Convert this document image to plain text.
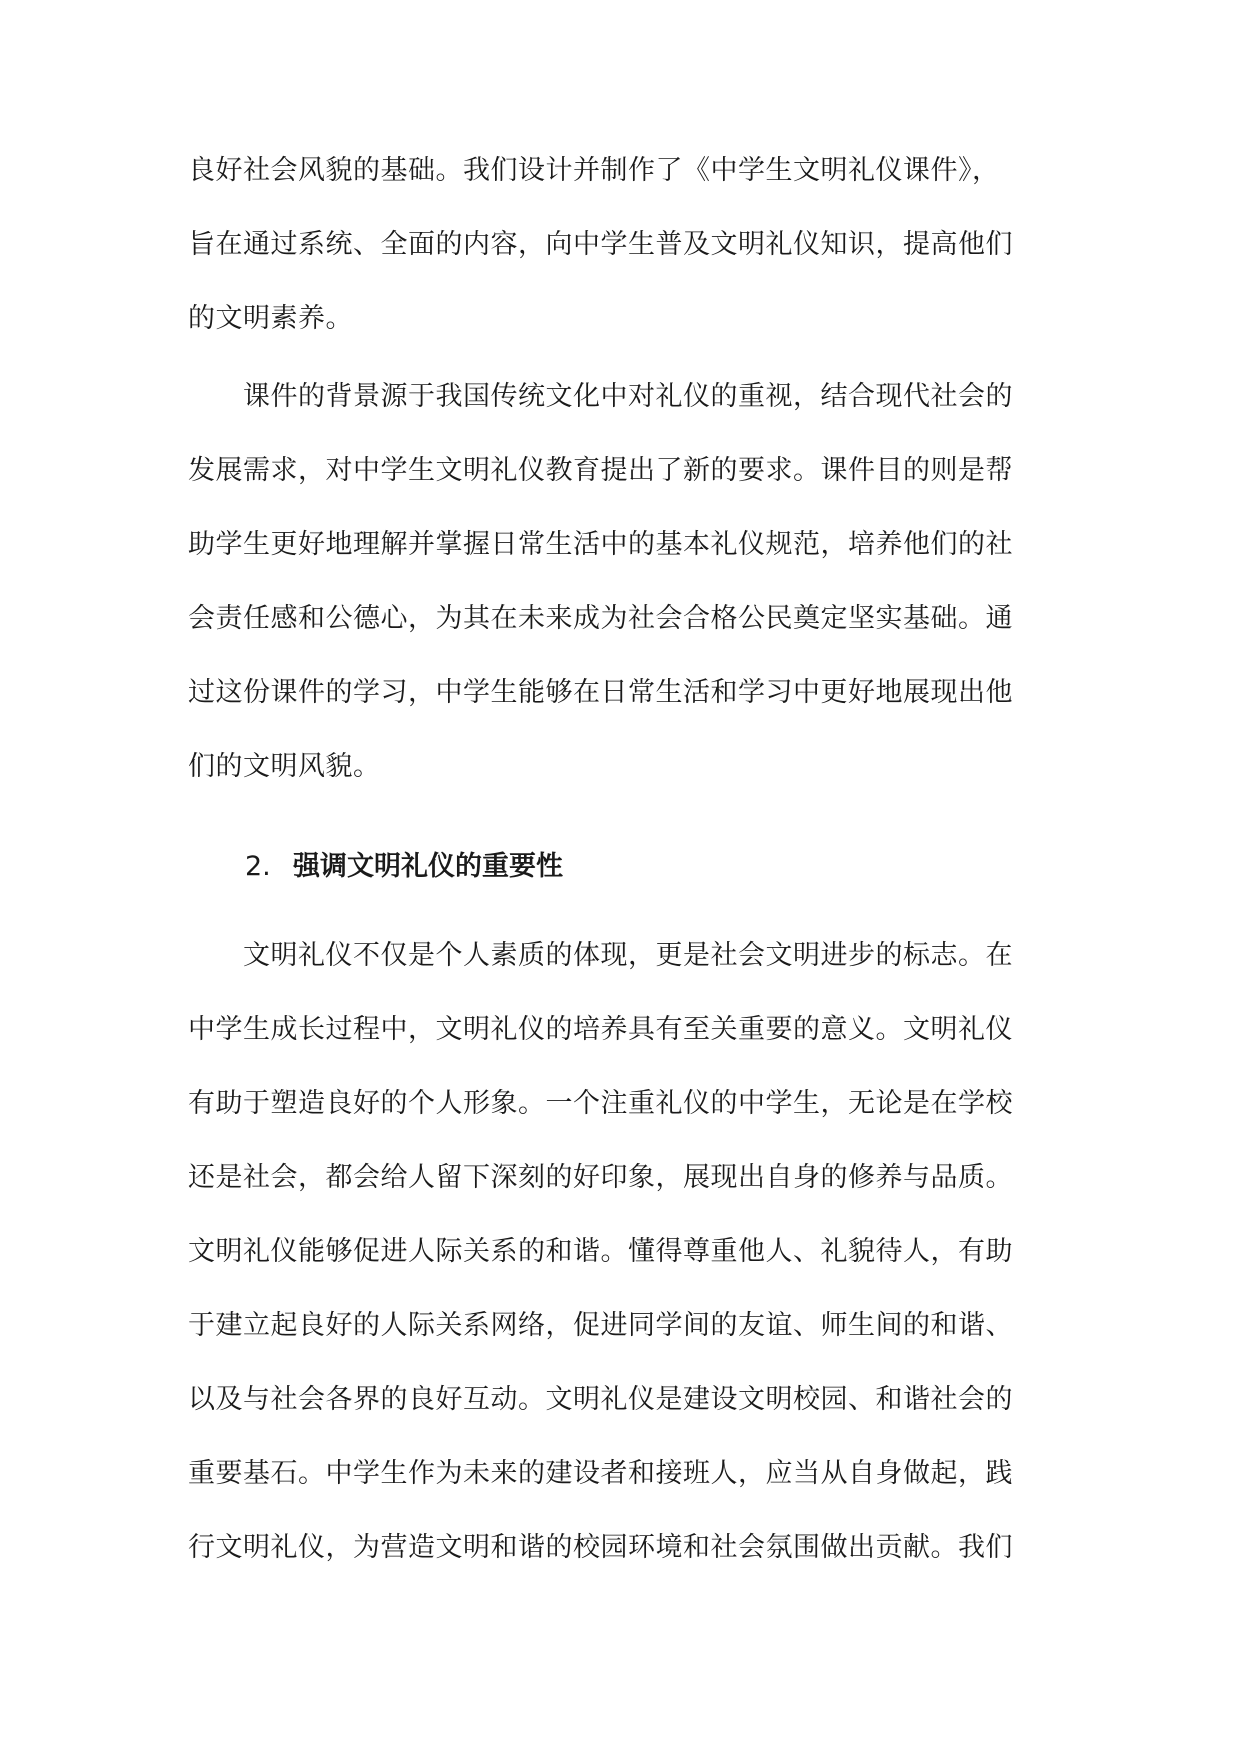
良好社会风貌的基础。我们设计并制作了《中学生文明礼仪课件》，
旨在通过系统、全面的内容，向中学生普及文明礼仪知识，提高他们
的文明素养。
　　课件的背景源于我国传统文化中对礼仪的重视，结合现代社会的
发展需求，对中学生文明礼仪教育提出了新的要求。课件目的则是帮
助学生更好地理解并掌握日常生活中的基本礼仪规范，培养他们的社
会责任感和公德心，为其在未来成为社会合格公民奠定坚实基础。通
过这份课件的学习，中学生能够在日常生活和学习中更好地展现出他
们的文明风貌。
2. 强调文明礼仪的重要性
　　文明礼仪不仅是个人素质的体现，更是社会文明进步的标志。在
中学生成长过程中，文明礼仪的培养具有至关重要的意义。文明礼仪
有助于塑造良好的个人形象。一个注重礼仪的中学生，无论是在学校
还是社会，都会给人留下深刻的好印象，展现出自身的修养与品质。
文明礼仪能够促进人际关系的和谐。懂得尊重他人、礼貌待人，有助
于建立起良好的人际关系网络，促进同学间的友谊、师生间的和谐、
以及与社会各界的良好互动。文明礼仪是建设文明校园、和谐社会的
重要基石。中学生作为未来的建设者和接班人，应当从自身做起，践
行文明礼仪，为营造文明和谐的校园环境和社会氛围做出贡献。我们
